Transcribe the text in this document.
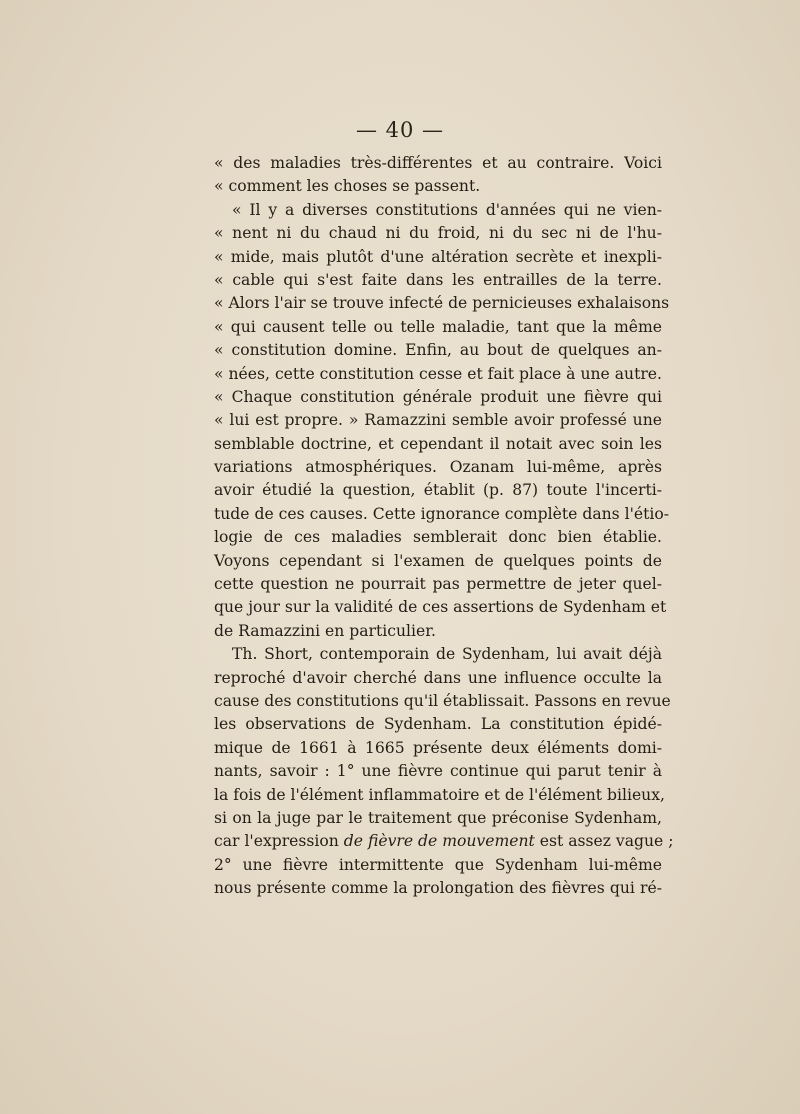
— 40 —
« des maladies très-différentes et au contraire. Voici
« comment les choses se passent.
« Il y a diverses constitutions d'années qui ne vien-
« nent ni du chaud ni du froid, ni du sec ni de l'hu-
« mide, mais plutôt d'une altération secrète et inexpli-
« cable qui s'est faite dans les entrailles de la terre.
« Alors l'air se trouve infecté de pernicieuses exhalaisons
« qui causent telle ou telle maladie, tant que la même
« constitution domine. Enfin, au bout de quelques an-
« nées, cette constitution cesse et fait place à une autre.
« Chaque constitution générale produit une fièvre qui
« lui est propre. » Ramazzini semble avoir professé une
semblable doctrine, et cependant il notait avec soin les
variations atmosphériques. Ozanam lui-même, après
avoir étudié la question, établit (p. 87) toute l'incerti-
tude de ces causes. Cette ignorance complète dans l'étio-
logie de ces maladies semblerait donc bien établie.
Voyons cependant si l'examen de quelques points de
cette question ne pourrait pas permettre de jeter quel-
que jour sur la validité de ces assertions de Sydenham et
de Ramazzini en particulier.
Th. Short, contemporain de Sydenham, lui avait déjà
reproché d'avoir cherché dans une influence occulte la
cause des constitutions qu'il établissait. Passons en revue
les observations de Sydenham. La constitution épidé-
mique de 1661 à 1665 présente deux éléments domi-
nants, savoir : 1° une fièvre continue qui parut tenir à
la fois de l'élément inflammatoire et de l'élément bilieux,
si on la juge par le traitement que préconise Sydenham,
car l'expression de fièvre de mouvement est assez vague ;
2° une fièvre intermittente que Sydenham lui-même
nous présente comme la prolongation des fièvres qui ré-
